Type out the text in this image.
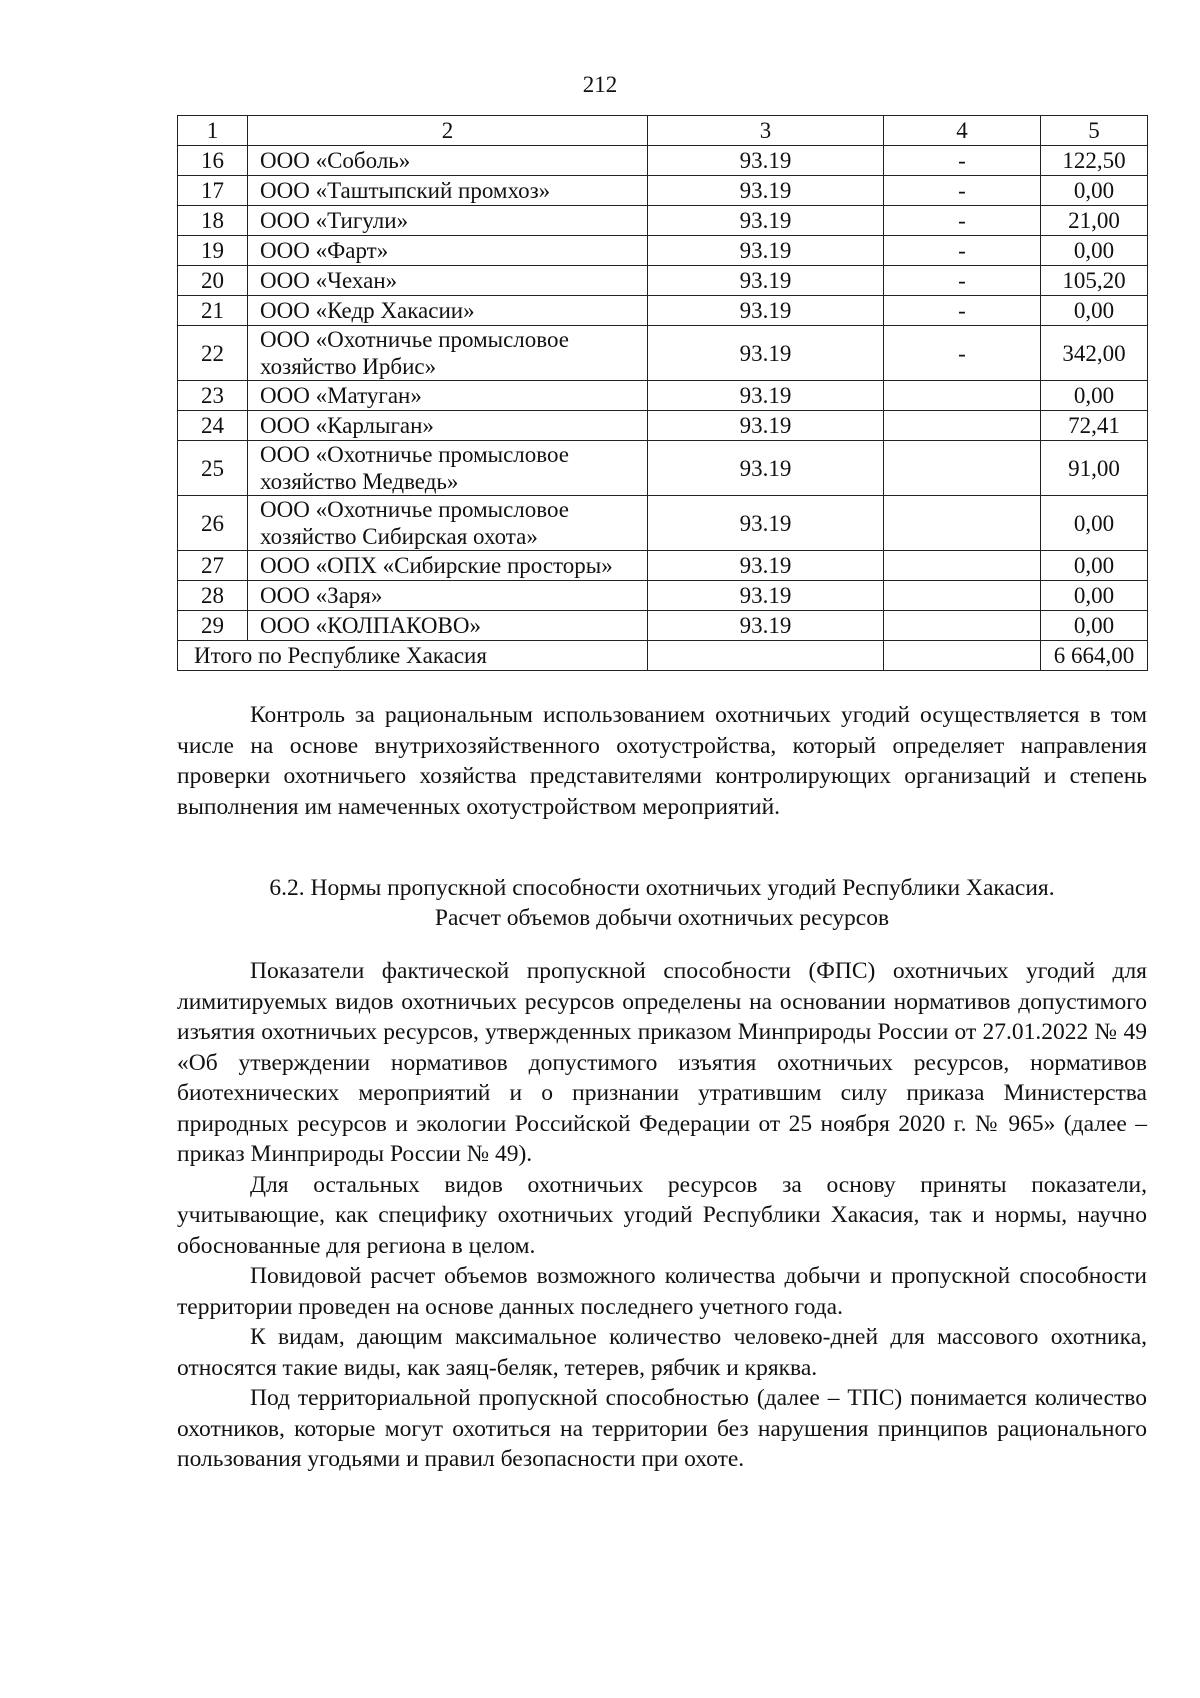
212
1	2	3	4	5
16	ООО «Соболь»	93.19	-	122,50
17	ООО «Таштыпский промхоз»	93.19	-	0,00
18	ООО «Тигули»	93.19	-	21,00
19	ООО «Фарт»	93.19	-	0,00
20	ООО «Чехан»	93.19	-	105,20
21	ООО «Кедр Хакасии»	93.19	-	0,00
22	ООО «Охотничье промысловое хозяйство Ирбис»	93.19	-	342,00
23	ООО «Матуган»	93.19		0,00
24	ООО «Карлыган»	93.19		72,41
25	ООО «Охотничье промысловое хозяйство Медведь»	93.19		91,00
26	ООО «Охотничье промысловое хозяйство Сибирская охота»	93.19		0,00
27	ООО «ОПХ «Сибирские просторы»	93.19		0,00
28	ООО «Заря»	93.19		0,00
29	ООО «КОЛПАКОВО»	93.19		0,00
Итого по Республике Хакасия				6 664,00

Контроль за рациональным использованием охотничьих угодий осуществляется в том числе на основе внутрихозяйственного охотустройства, который определяет направления проверки охотничьего хозяйства представителями контролирующих организаций и степень выполнения им намеченных охотустройством мероприятий.

6.2. Нормы пропускной способности охотничьих угодий Республики Хакасия.
Расчет объемов добычи охотничьих ресурсов

Показатели фактической пропускной способности (ФПС) охотничьих угодий для лимитируемых видов охотничьих ресурсов определены на основании нормативов допустимого изъятия охотничьих ресурсов, утвержденных приказом Минприроды России от 27.01.2022 № 49 «Об утверждении нормативов допустимого изъятия охотничьих ресурсов, нормативов биотехнических мероприятий и о признании утратившим силу приказа Министерства природных ресурсов и экологии Российской Федерации от 25 ноября 2020 г. № 965» (далее – приказ Минприроды России № 49).

Для остальных видов охотничьих ресурсов за основу приняты показатели, учитывающие, как специфику охотничьих угодий Республики Хакасия, так и нормы, научно обоснованные для региона в целом.

Повидовой расчет объемов возможного количества добычи и пропускной способности территории проведен на основе данных последнего учетного года.

К видам, дающим максимальное количество человеко-дней для массового охотника, относятся такие виды, как заяц-беляк, тетерев, рябчик и кряква.

Под территориальной пропускной способностью (далее – ТПС) понимается количество охотников, которые могут охотиться на территории без нарушения принципов рационального пользования угодьями и правил безопасности при охоте.
